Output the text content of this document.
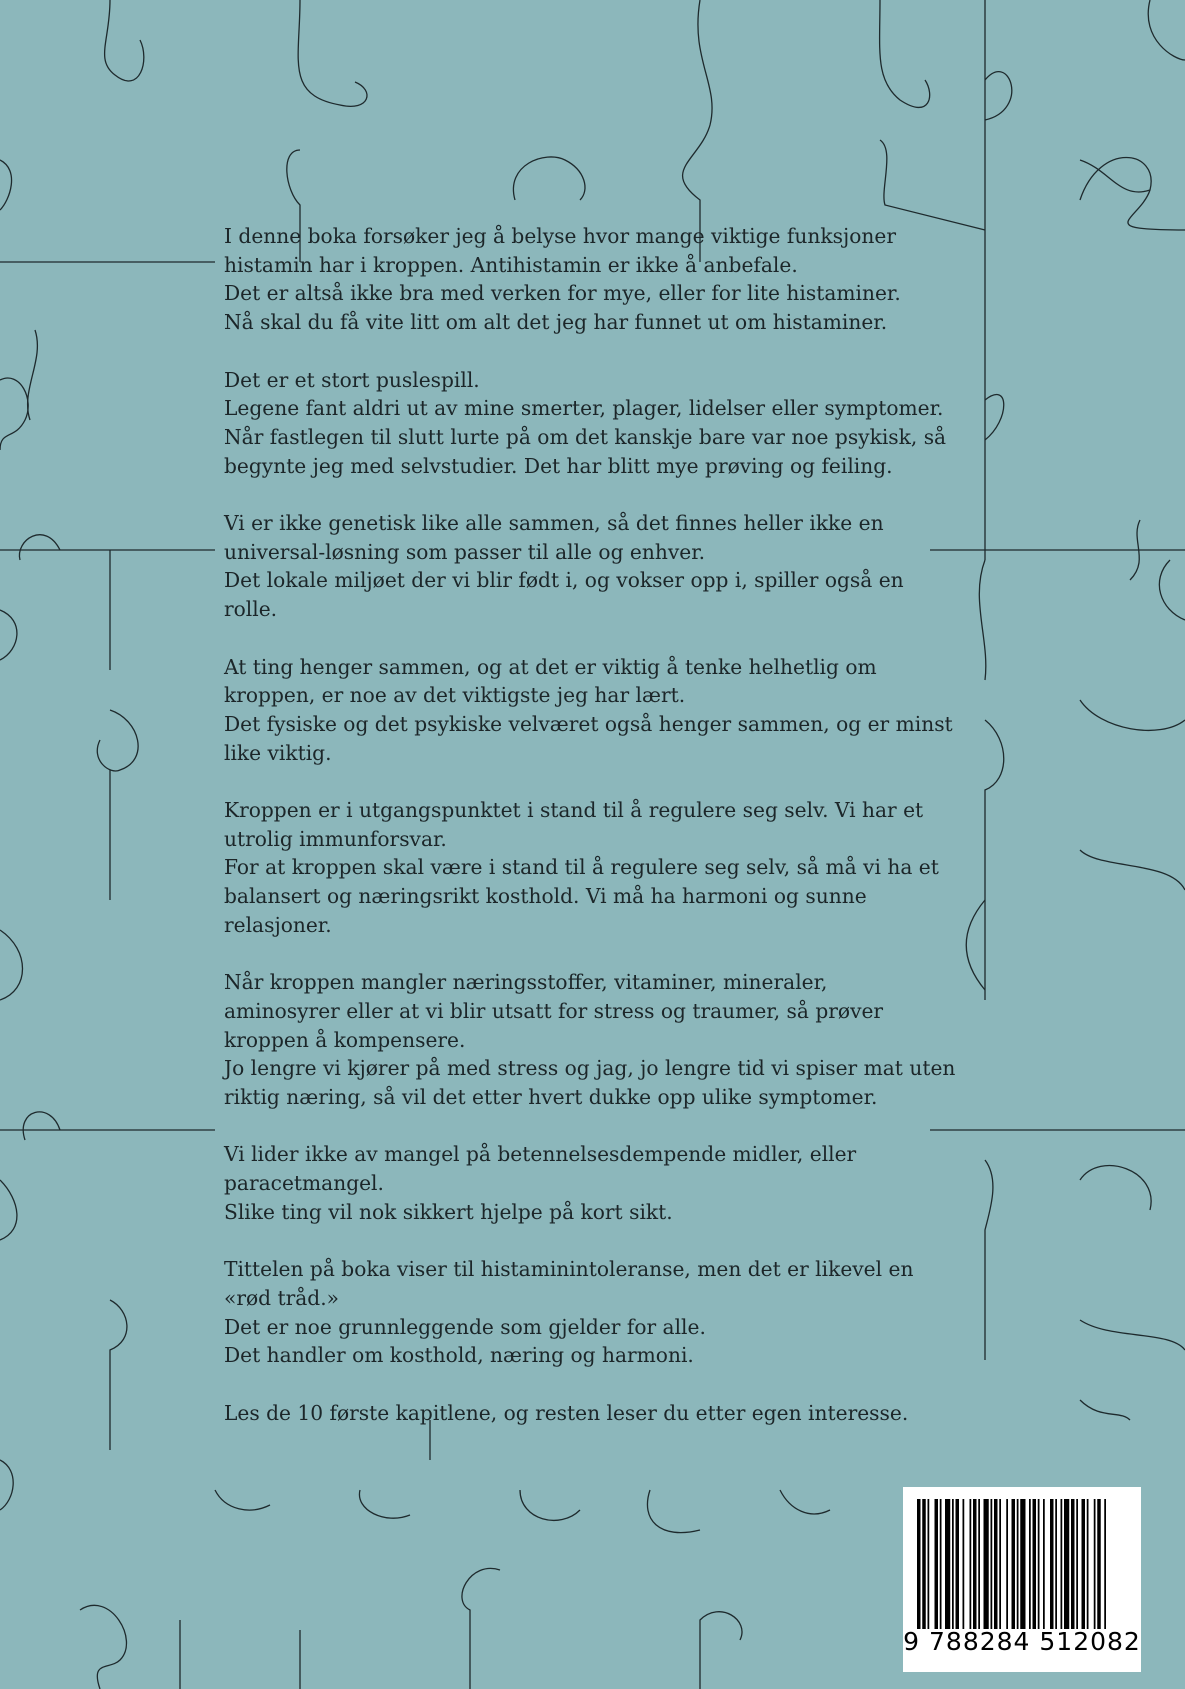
I denne boka forsøker jeg å belyse hvor mange viktige funksjoner
histamin har i kroppen. Antihistamin er ikke å anbefale.
Det er altså ikke bra med verken for mye, eller for lite histaminer.
Nå skal du få vite litt om alt det jeg har funnet ut om histaminer.

Det er et stort puslespill.
Legene fant aldri ut av mine smerter, plager, lidelser eller symptomer.
Når fastlegen til slutt lurte på om det kanskje bare var noe psykisk, så
begynte jeg med selvstudier. Det har blitt mye prøving og feiling.

Vi er ikke genetisk like alle sammen, så det finnes heller ikke en
universal-løsning som passer til alle og enhver.
Det lokale miljøet der vi blir født i, og vokser opp i, spiller også en
rolle.

At ting henger sammen, og at det er viktig å tenke helhetlig om
kroppen, er noe av det viktigste jeg har lært.
Det fysiske og det psykiske velværet også henger sammen, og er minst
like viktig.

Kroppen er i utgangspunktet i stand til å regulere seg selv. Vi har et
utrolig immunforsvar.
For at kroppen skal være i stand til å regulere seg selv, så må vi ha et
balansert og næringsrikt kosthold. Vi må ha harmoni og sunne
relasjoner.

Når kroppen mangler næringsstoffer, vitaminer, mineraler,
aminosyrer eller at vi blir utsatt for stress og traumer, så prøver
kroppen å kompensere.
Jo lengre vi kjører på med stress og jag, jo lengre tid vi spiser mat uten
riktig næring, så vil det etter hvert dukke opp ulike symptomer.

Vi lider ikke av mangel på betennelsesdempende midler, eller
paracetmangel.
Slike ting vil nok sikkert hjelpe på kort sikt.

Tittelen på boka viser til histaminintoleranse, men det er likevel en
«rød tråd.»
Det er noe grunnleggende som gjelder for alle.
Det handler om kosthold, næring og harmoni.

Les de 10 første kapitlene, og resten leser du etter egen interesse.

9 788284 512082
